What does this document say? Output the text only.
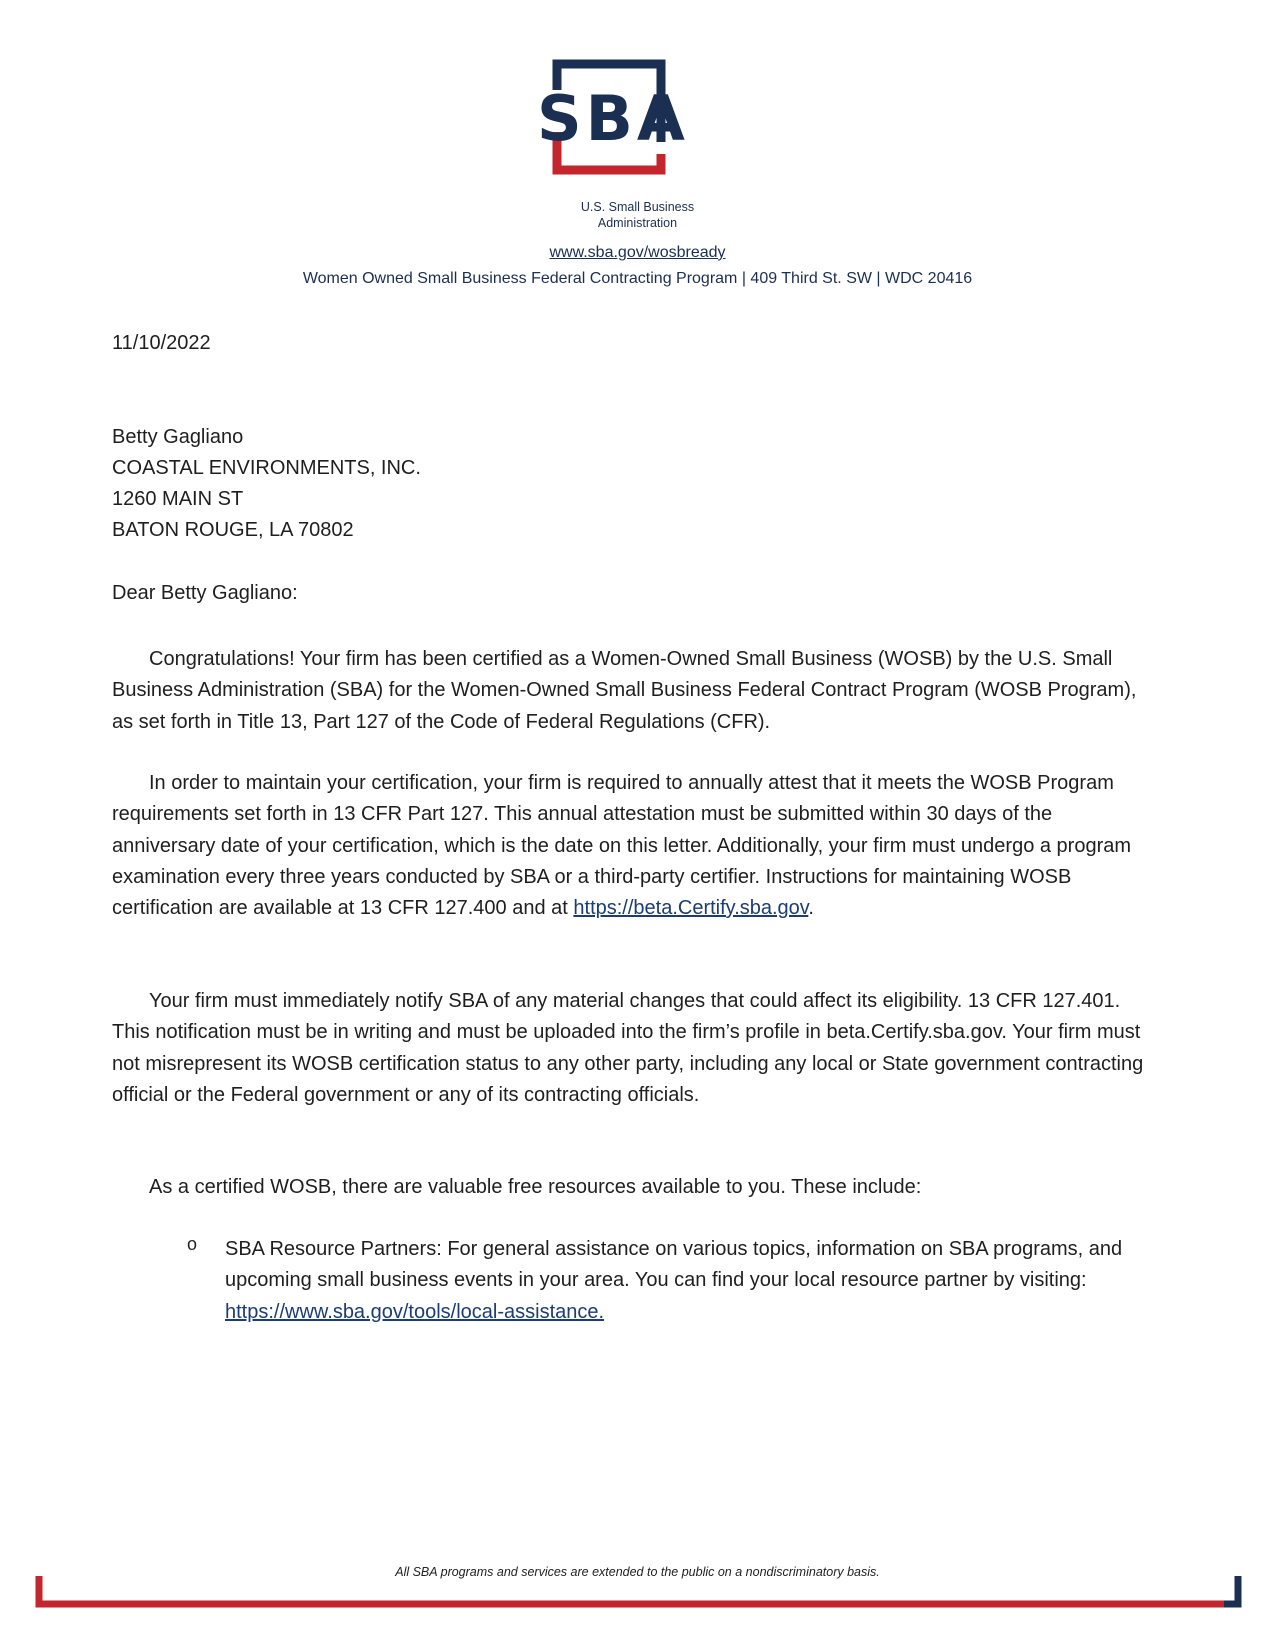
SBA
U.S. Small Business
Administration
www.sba.gov/wosbready
Women Owned Small Business Federal Contracting Program | 409 Third St. SW | WDC 20416
11/10/2022
Betty Gagliano
COASTAL ENVIRONMENTS, INC.
1260 MAIN ST
BATON ROUGE, LA 70802
Dear Betty Gagliano:

Congratulations! Your firm has been certified as a Women-Owned Small Business (WOSB) by the U.S. Small Business Administration (SBA) for the Women-Owned Small Business Federal Contract Program (WOSB Program), as set forth in Title 13, Part 127 of the Code of Federal Regulations (CFR).

In order to maintain your certification, your firm is required to annually attest that it meets the WOSB Program requirements set forth in 13 CFR Part 127. This annual attestation must be submitted within 30 days of the anniversary date of your certification, which is the date on this letter. Additionally, your firm must undergo a program examination every three years conducted by SBA or a third-party certifier. Instructions for maintaining WOSB certification are available at 13 CFR 127.400 and at https://beta.Certify.sba.gov.

Your firm must immediately notify SBA of any material changes that could affect its eligibility. 13 CFR 127.401. This notification must be in writing and must be uploaded into the firm’s profile in beta.Certify.sba.gov. Your firm must not misrepresent its WOSB certification status to any other party, including any local or State government contracting official or the Federal government or any of its contracting officials.

As a certified WOSB, there are valuable free resources available to you. These include:

o SBA Resource Partners: For general assistance on various topics, information on SBA programs, and upcoming small business events in your area. You can find your local resource partner by visiting: https://www.sba.gov/tools/local-assistance.

All SBA programs and services are extended to the public on a nondiscriminatory basis.
